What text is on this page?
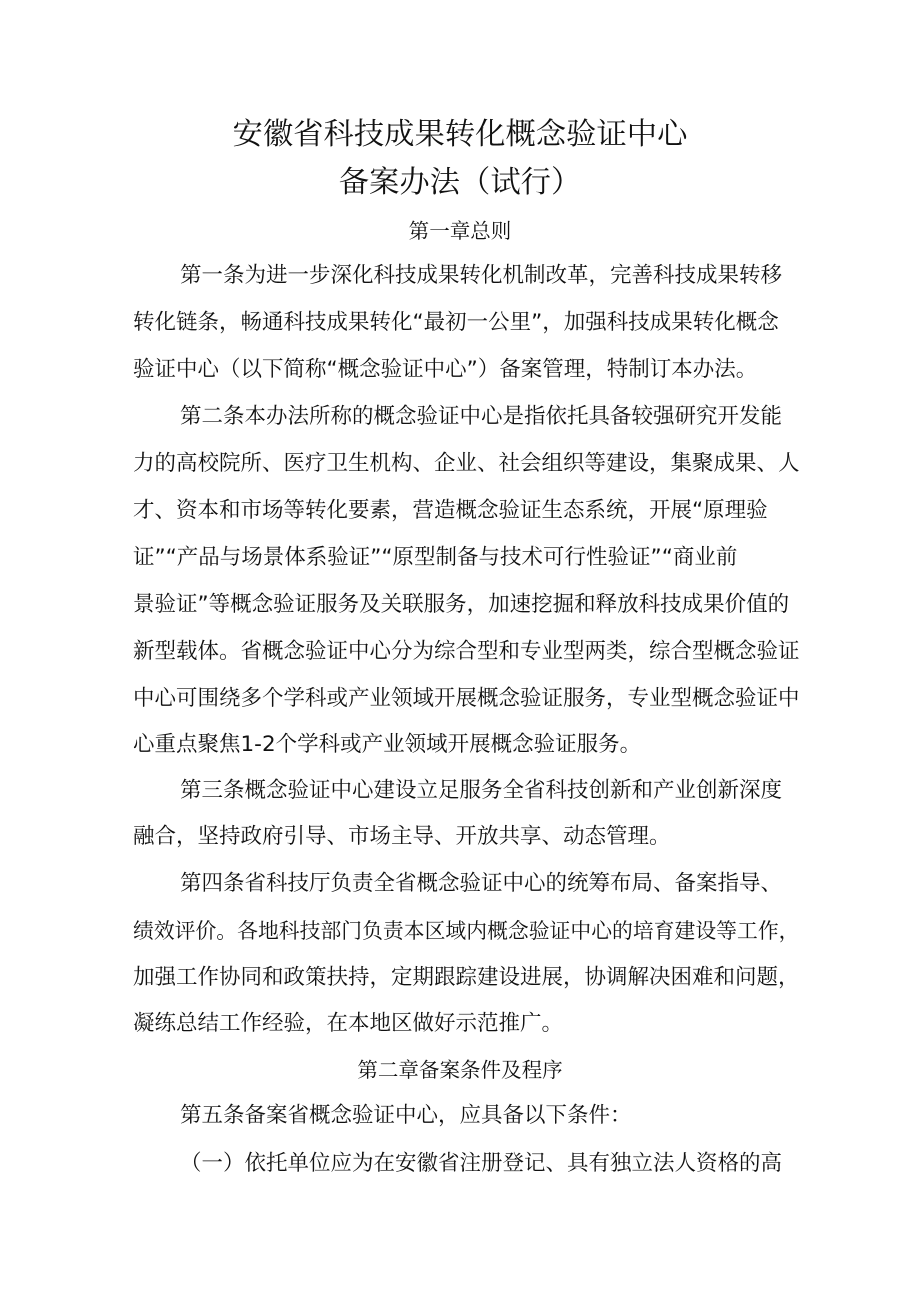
安徽省科技成果转化概念验证中心
备案办法（试行）
第一章总则
第一条为进一步深化科技成果转化机制改革，完善科技成果转移
转化链条，畅通科技成果转化“最初一公里”，加强科技成果转化概念
验证中心（以下简称“概念验证中心”）备案管理，特制订本办法。
第二条本办法所称的概念验证中心是指依托具备较强研究开发能
力的高校院所、医疗卫生机构、企业、社会组织等建设，集聚成果、人
才、资本和市场等转化要素，营造概念验证生态系统，开展“原理验
证”“产品与场景体系验证”“原型制备与技术可行性验证”“商业前
景验证”等概念验证服务及关联服务，加速挖掘和释放科技成果价值的
新型载体。省概念验证中心分为综合型和专业型两类，综合型概念验证
中心可围绕多个学科或产业领域开展概念验证服务，专业型概念验证中
心重点聚焦1-2个学科或产业领域开展概念验证服务。
第三条概念验证中心建设立足服务全省科技创新和产业创新深度
融合，坚持政府引导、市场主导、开放共享、动态管理。
第四条省科技厅负责全省概念验证中心的统筹布局、备案指导、
绩效评价。各地科技部门负责本区域内概念验证中心的培育建设等工作，
加强工作协同和政策扶持，定期跟踪建设进展，协调解决困难和问题，
凝练总结工作经验，在本地区做好示范推广。
第二章备案条件及程序
第五条备案省概念验证中心，应具备以下条件：
（一）依托单位应为在安徽省注册登记、具有独立法人资格的高
